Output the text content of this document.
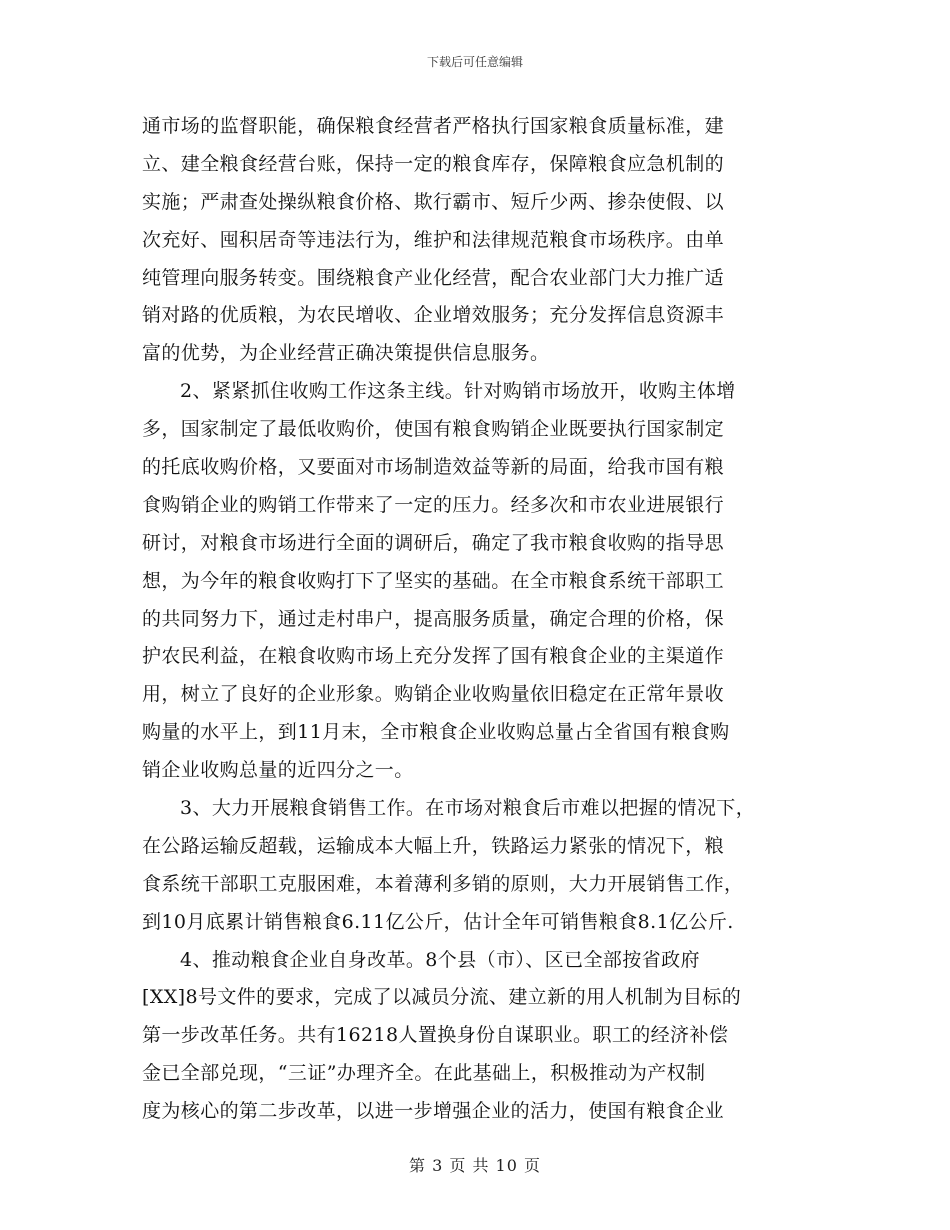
下载后可任意编辑
通市场的监督职能，确保粮食经营者严格执行国家粮食质量标准，建
立、建全粮食经营台账，保持一定的粮食库存，保障粮食应急机制的
实施；严肃查处操纵粮食价格、欺行霸市、短斤少两、掺杂使假、以
次充好、囤积居奇等违法行为，维护和法律规范粮食市场秩序。由单
纯管理向服务转变。围绕粮食产业化经营，配合农业部门大力推广适
销对路的优质粮，为农民增收、企业增效服务；充分发挥信息资源丰
富的优势，为企业经营正确决策提供信息服务。
2、紧紧抓住收购工作这条主线。针对购销市场放开，收购主体增
多，国家制定了最低收购价，使国有粮食购销企业既要执行国家制定
的托底收购价格，又要面对市场制造效益等新的局面，给我市国有粮
食购销企业的购销工作带来了一定的压力。经多次和市农业进展银行
研讨，对粮食市场进行全面的调研后，确定了我市粮食收购的指导思
想，为今年的粮食收购打下了坚实的基础。在全市粮食系统干部职工
的共同努力下，通过走村串户，提高服务质量，确定合理的价格，保
护农民利益，在粮食收购市场上充分发挥了国有粮食企业的主渠道作
用，树立了良好的企业形象。购销企业收购量依旧稳定在正常年景收
购量的水平上，到11月末，全市粮食企业收购总量占全省国有粮食购
销企业收购总量的近四分之一。
3、大力开展粮食销售工作。在市场对粮食后市难以把握的情况下，
在公路运输反超载，运输成本大幅上升，铁路运力紧张的情况下，粮
食系统干部职工克服困难，本着薄利多销的原则，大力开展销售工作，
到10月底累计销售粮食6.11亿公斤，估计全年可销售粮食8.1亿公斤.
4、推动粮食企业自身改革。8个县（市）、区已全部按省政府
[XX]8号文件的要求，完成了以减员分流、建立新的用人机制为目标的
第一步改革任务。共有16218人置换身份自谋职业。职工的经济补偿
金已全部兑现，“三证”办理齐全。在此基础上，积极推动为产权制
度为核心的第二步改革，以进一步增强企业的活力，使国有粮食企业
第 3 页 共 10 页
